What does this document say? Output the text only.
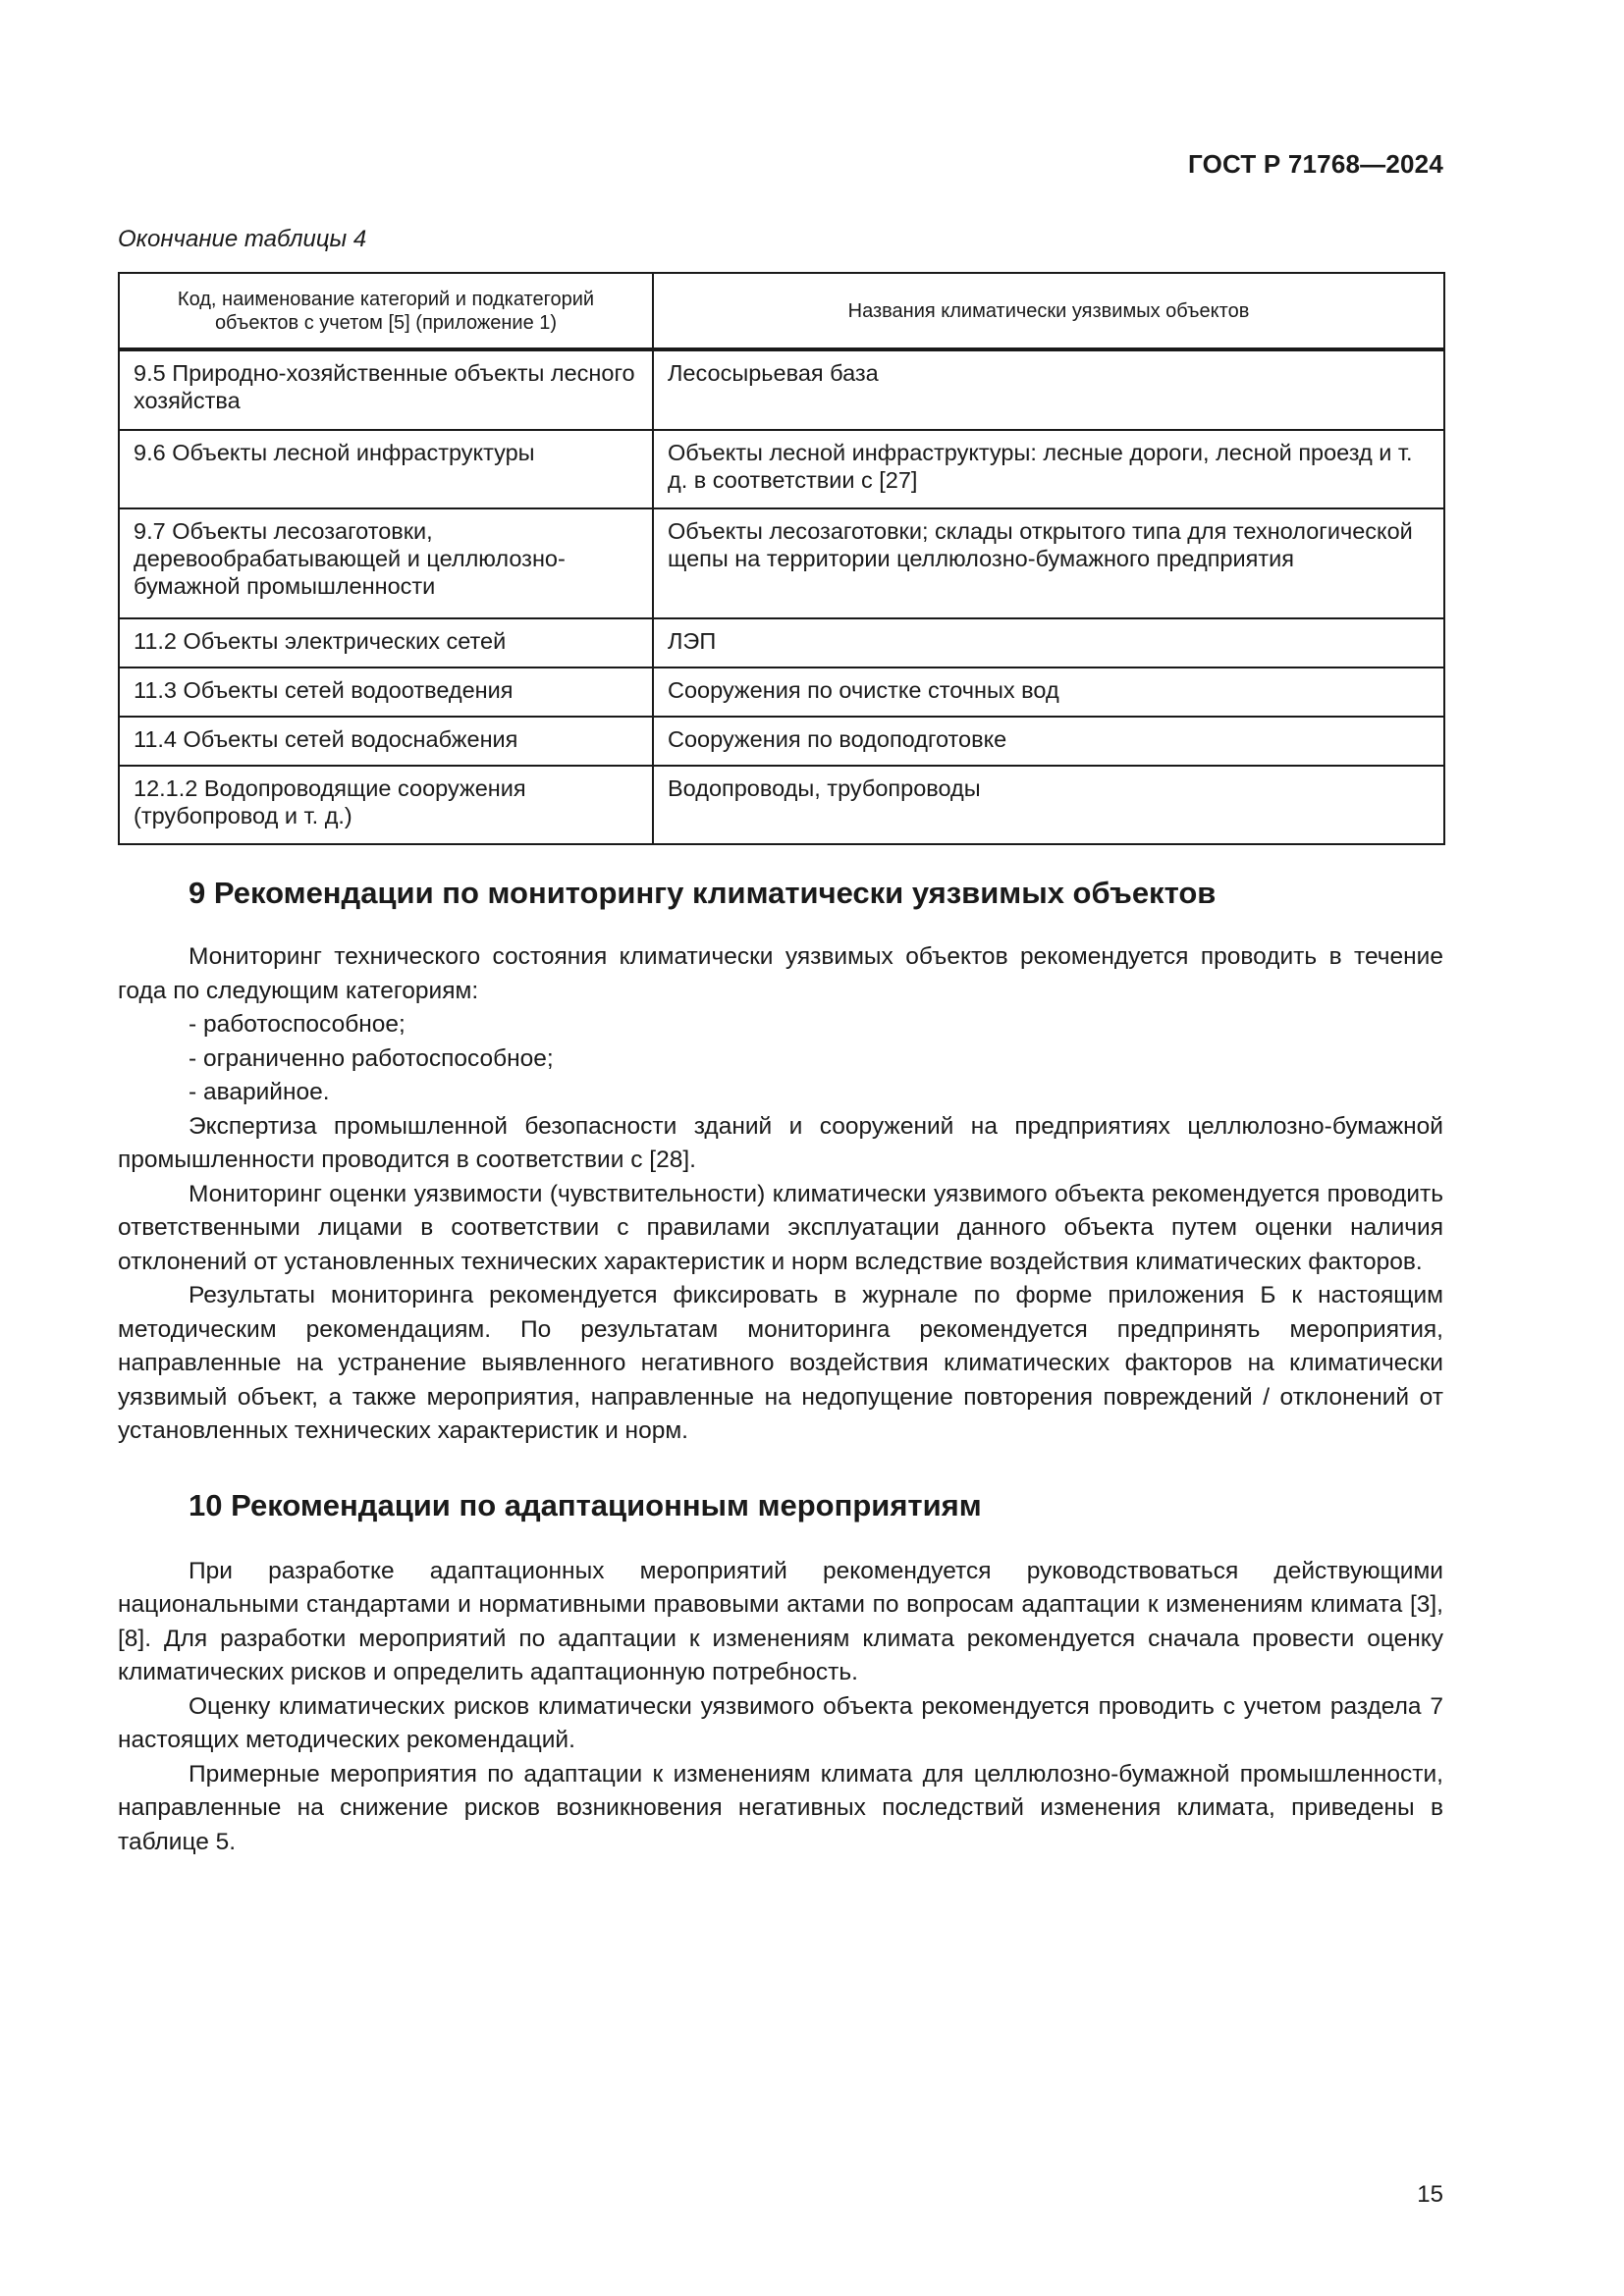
ГОСТ Р 71768—2024
Окончание таблицы 4
Код, наименование категорий и подкатегорий объектов с учетом [5] (приложение 1)	Названия климатически уязвимых объектов
9.5 Природно-хозяйственные объекты лесного хозяйства	Лесосырьевая база
9.6 Объекты лесной инфраструктуры	Объекты лесной инфраструктуры: лесные дороги, лесной проезд и т. д. в соответствии с [27]
9.7 Объекты лесозаготовки, деревообрабатывающей и целлюлозно-бумажной промышленности	Объекты лесозаготовки; склады открытого типа для технологической щепы на территории целлюлозно-бумажного предприятия
11.2 Объекты электрических сетей	ЛЭП
11.3 Объекты сетей водоотведения	Сооружения по очистке сточных вод
11.4 Объекты сетей водоснабжения	Сооружения по водоподготовке
12.1.2 Водопроводящие сооружения (трубопровод и т. д.)	Водопроводы, трубопроводы
9 Рекомендации по мониторингу климатически уязвимых объектов

Мониторинг технического состояния климатически уязвимых объектов рекомендуется проводить в течение года по следующим категориям:

- работоспособное;
- ограниченно работоспособное;
- аварийное.

Экспертиза промышленной безопасности зданий и сооружений на предприятиях целлюлозно-бумажной промышленности проводится в соответствии с [28].

Мониторинг оценки уязвимости (чувствительности) климатически уязвимого объекта рекомендуется проводить ответственными лицами в соответствии с правилами эксплуатации данного объекта путем оценки наличия отклонений от установленных технических характеристик и норм вследствие воздействия климатических факторов.

Результаты мониторинга рекомендуется фиксировать в журнале по форме приложения Б к настоящим методическим рекомендациям. По результатам мониторинга рекомендуется предпринять мероприятия, направленные на устранение выявленного негативного воздействия климатических факторов на климатически уязвимый объект, а также мероприятия, направленные на недопущение повторения повреждений / отклонений от установленных технических характеристик и норм.

10 Рекомендации по адаптационным мероприятиям

При разработке адаптационных мероприятий рекомендуется руководствоваться действующими национальными стандартами и нормативными правовыми актами по вопросам адаптации к изменениям климата [3], [8]. Для разработки мероприятий по адаптации к изменениям климата рекомендуется сначала провести оценку климатических рисков и определить адаптационную потребность.

Оценку климатических рисков климатически уязвимого объекта рекомендуется проводить с учетом раздела 7 настоящих методических рекомендаций.

Примерные мероприятия по адаптации к изменениям климата для целлюлозно-бумажной промышленности, направленные на снижение рисков возникновения негативных последствий изменения климата, приведены в таблице 5.

15
